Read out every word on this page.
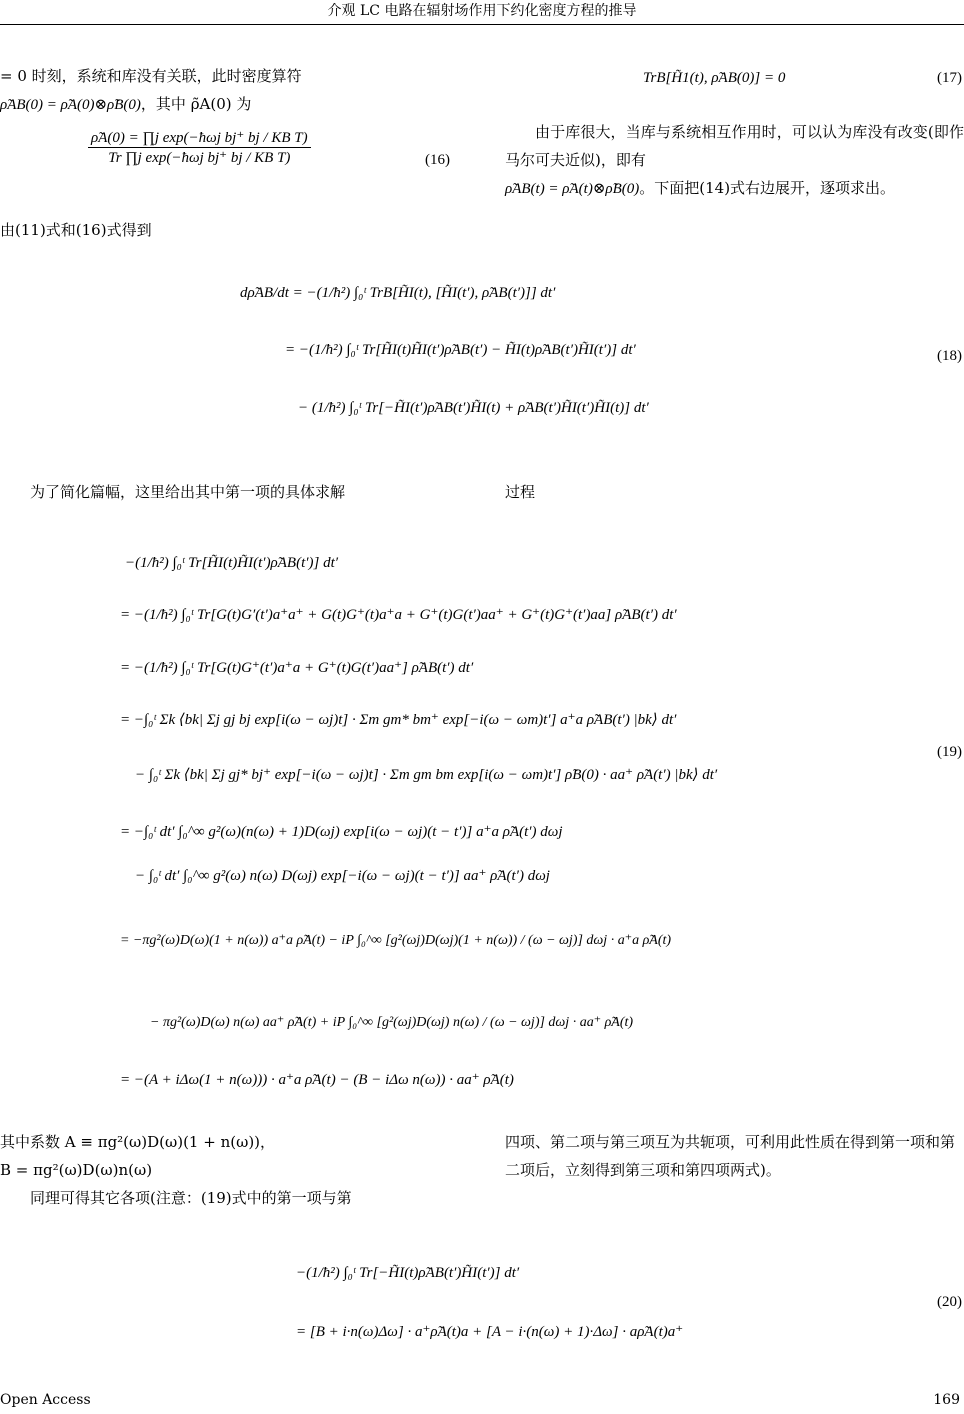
介观 LC 电路在辐射场作用下约化密度方程的推导

= 0 时刻，系统和库没有关联，此时密度算符

ρ̃AB(0) = ρ̃A(0)⊗ρ̃B(0)，其中 ρ̃A(0) 为

$\frac{\text{ρ̃A(0) = ∏j exp(−ħωj bj⁺ bj / KB T)}}{\text{Tr ∏j exp(−ħωj bj⁺ bj / KB T)}}$	(16)

由(11)式和(16)式得到

TrB[H̃1(t), ρ̃AB(0)] = 0	(17)

由于库很大，当库与系统相互作用时，可以认为库没有改变(即作马尔可夫近似)，即有
ρ̃AB(t) = ρ̃A(t)⊗ρ̃B(0)。下面把(14)式右边展开，逐项求出。

dρ̃AB/dt = −(1/ħ²) ∫₀ᵗ TrB[H̃I(t), [H̃I(t′), ρ̃AB(t′)]] dt′
= −(1/ħ²) ∫₀ᵗ Tr[H̃I(t)H̃I(t′)ρ̃AB(t′) − H̃I(t)ρ̃AB(t′)H̃I(t′)] dt′
− (1/ħ²) ∫₀ᵗ Tr[−H̃I(t′)ρ̃AB(t′)H̃I(t) + ρ̃AB(t′)H̃I(t′)H̃I(t)] dt′
(18)
为了简化篇幅，这里给出其中第一项的具体求解	过程
−(1/ħ²) ∫₀ᵗ Tr[H̃I(t)H̃I(t′)ρ̃AB(t′)] dt′
= −(1/ħ²) ∫₀ᵗ Tr[G(t)G′(t′)a⁺a⁺ + G(t)G⁺(t)a⁺a + G⁺(t)G(t′)aa⁺ + G⁺(t)G⁺(t′)aa] ρ̃AB(t′) dt′
= −(1/ħ²) ∫₀ᵗ Tr[G(t)G⁺(t′)a⁺a + G⁺(t)G(t′)aa⁺] ρ̃AB(t′) dt′
= −∫₀ᵗ Σk ⟨bk| Σj gj bj exp[i(ω − ωj)t] · Σm gm* bm⁺ exp[−i(ω − ωm)t′] a⁺a ρ̃AB(t′) |bk⟩ dt′
− ∫₀ᵗ Σk ⟨bk| Σj gj* bj⁺ exp[−i(ω − ωj)t] · Σm gm bm exp[i(ω − ωm)t′] ρ̃B(0) · aa⁺ ρ̃A(t′) |bk⟩ dt′
= −∫₀ᵗ dt′ ∫₀^∞ g²(ω)(n(ω) + 1)D(ωj) exp[i(ω − ωj)(t − t′)] a⁺a ρ̃A(t′) dωj
− ∫₀ᵗ dt′ ∫₀^∞ g²(ω) n(ω) D(ωj) exp[−i(ω − ωj)(t − t′)] aa⁺ ρ̃A(t′) dωj
= −πg²(ω)D(ω)(1 + n(ω)) a⁺a ρ̃A(t) − iP ∫₀^∞ [g²(ωj)D(ωj)(1 + n(ω)) / (ω − ωj)] dωj · a⁺a ρ̃A(t)
− πg²(ω)D(ω) n(ω) aa⁺ ρ̃A(t) + iP ∫₀^∞ [g²(ωj)D(ωj) n(ω) / (ω − ωj)] dωj · aa⁺ ρ̃A(t)
= −(A + iΔω(1 + n(ω))) · a⁺a ρ̃A(t) − (B − iΔω n(ω)) · aa⁺ ρ̃A(t)
(19)

其中系数 A ≡ πg²(ω)D(ω)(1 + n(ω))，

B = πg²(ω)D(ω)n(ω)

同理可得其它各项(注意：(19)式中的第一项与第

四项、第二项与第三项互为共轭项，可利用此性质在得到第一项和第二项后，立刻得到第三项和第四项两式)。
−(1/ħ²) ∫₀ᵗ Tr[−H̃I(t)ρ̃AB(t′)H̃I(t′)] dt′
= [B + i·n(ω)Δω] · a⁺ρ̃A(t)a + [A − i·(n(ω) + 1)·Δω] · aρ̃A(t)a⁺
(20)
Open Access	169
